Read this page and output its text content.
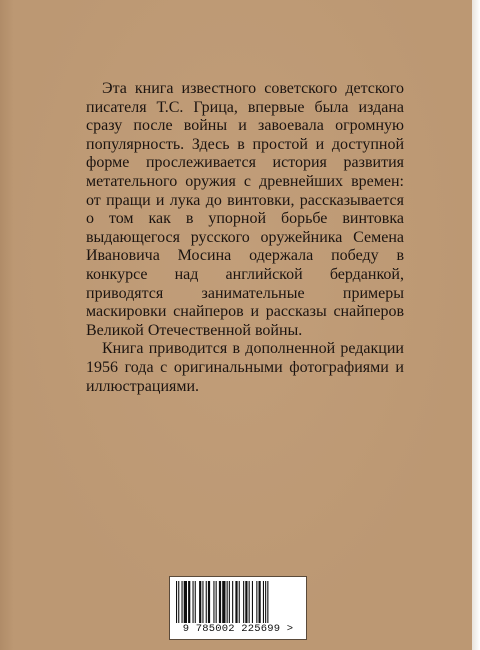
Эта книга известного советского детского писателя Т.С. Грица, впервые была издана сразу после войны и завоевала огромную популярность. Здесь в простой и доступной форме прослеживается история развития метательного оружия с древнейших времен: от пращи и лука до винтовки, рассказывается о том как в упорной борьбе винтовка выдающегося русского оружейника Семена Ивановича Мосина одержала победу в конкурсе над английской берданкой, приводятся занимательные примеры маскировки снайперов и рассказы снайперов Великой Отечественной войны.

Книга приводится в дополненной редакции 1956 года с оригинальными фотографиями и иллюстрациями.

9 785002 225699 >
